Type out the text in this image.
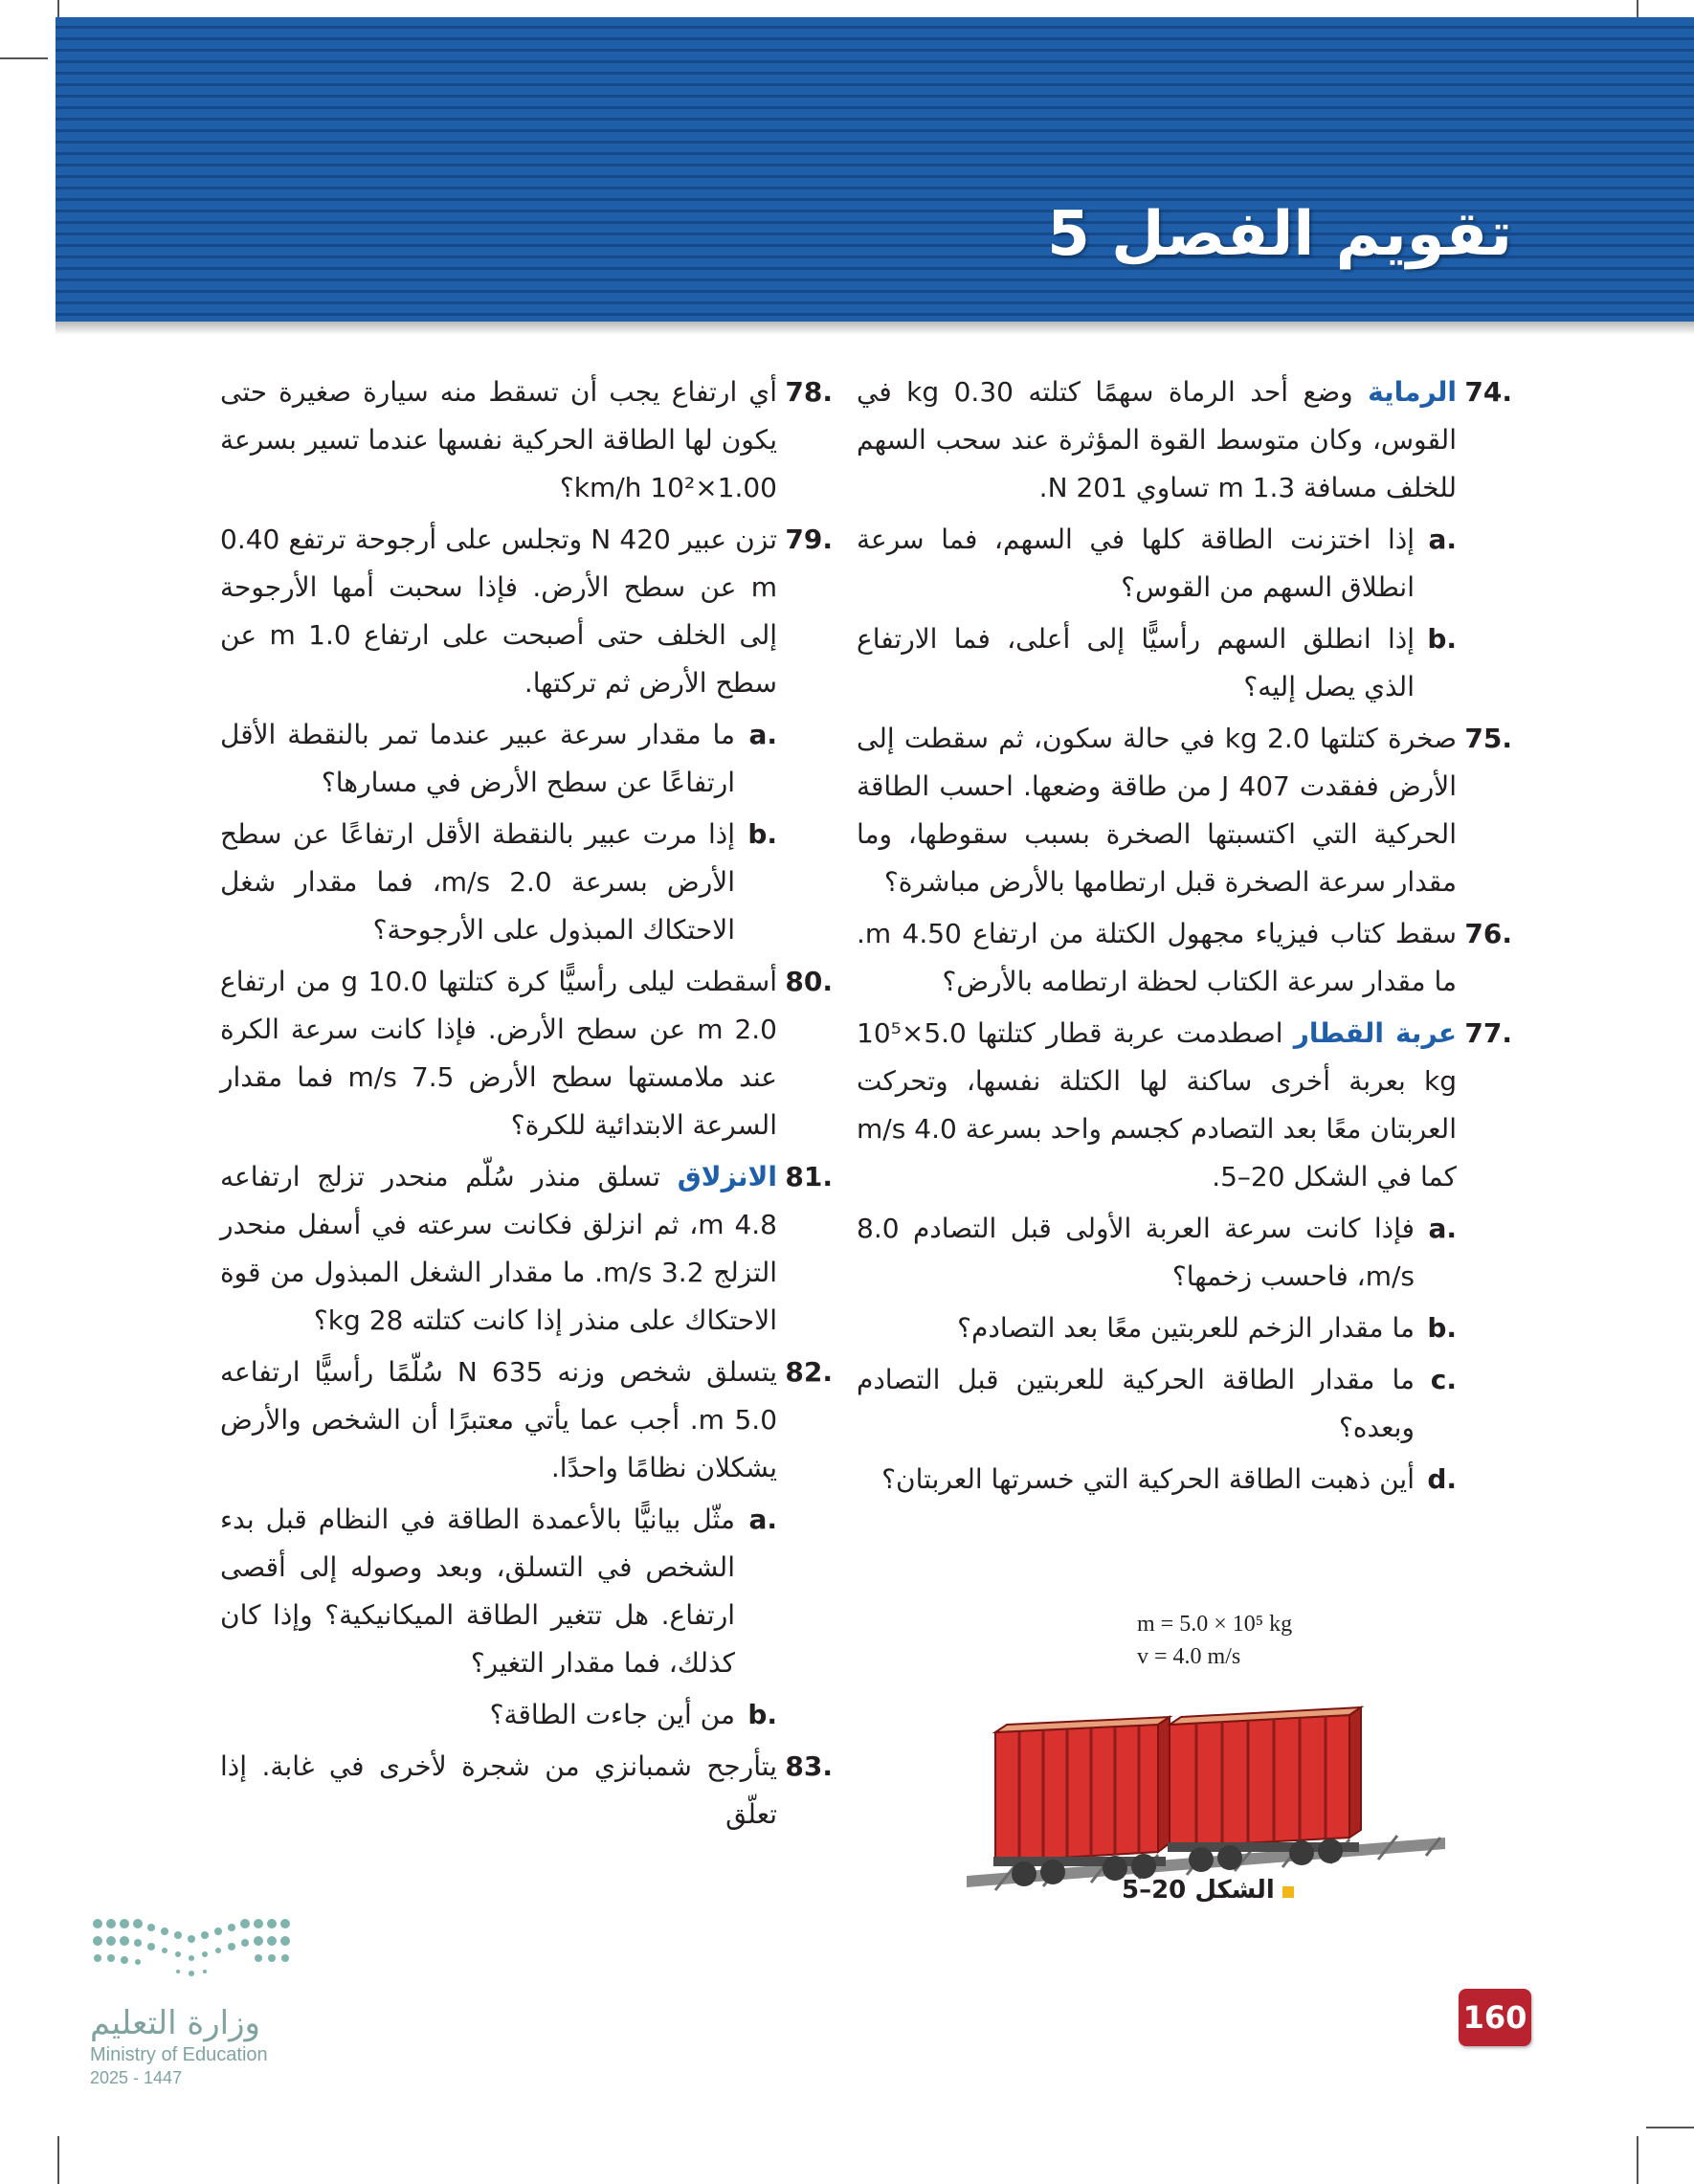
تقويم الفصل 5
74.
الرماية وضع أحد الرماة سهمًا كتلته 0.30 kg في القوس، وكان متوسط القوة المؤثرة عند سحب السهم للخلف مسافة 1.3 m تساوي 201 N.
a.
إذا اختزنت الطاقة كلها في السهم، فما سرعة انطلاق السهم من القوس؟
b.
إذا انطلق السهم رأسيًّا إلى أعلى، فما الارتفاع الذي يصل إليه؟
75.
صخرة كتلتها 2.0 kg في حالة سكون، ثم سقطت إلى الأرض ففقدت 407 J من طاقة وضعها. احسب الطاقة الحركية التي اكتسبتها الصخرة بسبب سقوطها، وما مقدار سرعة الصخرة قبل ارتطامها بالأرض مباشرة؟
76.
سقط كتاب فيزياء مجهول الكتلة من ارتفاع 4.50 m. ما مقدار سرعة الكتاب لحظة ارتطامه بالأرض؟
77.
عربة القطار اصطدمت عربة قطار كتلتها 5.0×10⁵ kg بعربة أخرى ساكنة لها الكتلة نفسها، وتحركت العربتان معًا بعد التصادم كجسم واحد بسرعة 4.0 m/s كما في الشكل 20–5.
a.
فإذا كانت سرعة العربة الأولى قبل التصادم 8.0 m/s، فاحسب زخمها؟
b.
ما مقدار الزخم للعربتين معًا بعد التصادم؟
c.
ما مقدار الطاقة الحركية للعربتين قبل التصادم وبعده؟
d.
أين ذهبت الطاقة الحركية التي خسرتها العربتان؟
78.
أي ارتفاع يجب أن تسقط منه سيارة صغيرة حتى يكون لها الطاقة الحركية نفسها عندما تسير بسرعة 1.00×10² km/h؟
79.
تزن عبير 420 N وتجلس على أرجوحة ترتفع 0.40 m عن سطح الأرض. فإذا سحبت أمها الأرجوحة إلى الخلف حتى أصبحت على ارتفاع 1.0 m عن سطح الأرض ثم تركتها.
a.
ما مقدار سرعة عبير عندما تمر بالنقطة الأقل ارتفاعًا عن سطح الأرض في مسارها؟
b.
إذا مرت عبير بالنقطة الأقل ارتفاعًا عن سطح الأرض بسرعة 2.0 m/s، فما مقدار شغل الاحتكاك المبذول على الأرجوحة؟
80.
أسقطت ليلى رأسيًّا كرة كتلتها 10.0 g من ارتفاع 2.0 m عن سطح الأرض. فإذا كانت سرعة الكرة عند ملامستها سطح الأرض 7.5 m/s فما مقدار السرعة الابتدائية للكرة؟
81.
الانزلاق تسلق منذر سُلّم منحدر تزلج ارتفاعه 4.8 m، ثم انزلق فكانت سرعته في أسفل منحدر التزلج 3.2 m/s. ما مقدار الشغل المبذول من قوة الاحتكاك على منذر إذا كانت كتلته 28 kg؟
82.
يتسلق شخص وزنه 635 N سُلّمًا رأسيًّا ارتفاعه 5.0 m. أجب عما يأتي معتبرًا أن الشخص والأرض يشكلان نظامًا واحدًا.
a.
مثّل بيانيًّا بالأعمدة الطاقة في النظام قبل بدء الشخص في التسلق، وبعد وصوله إلى أقصى ارتفاع. هل تتغير الطاقة الميكانيكية؟ وإذا كان كذلك، فما مقدار التغير؟
b.
من أين جاءت الطاقة؟
83.
يتأرجح شمبانزي من شجرة لأخرى في غابة. إذا تعلّق
m = 5.0 × 10⁵ kg
v = 4.0 m/s
الشكل 20–5
160
وزارة التعليم
Ministry of Education
2025 - 1447
